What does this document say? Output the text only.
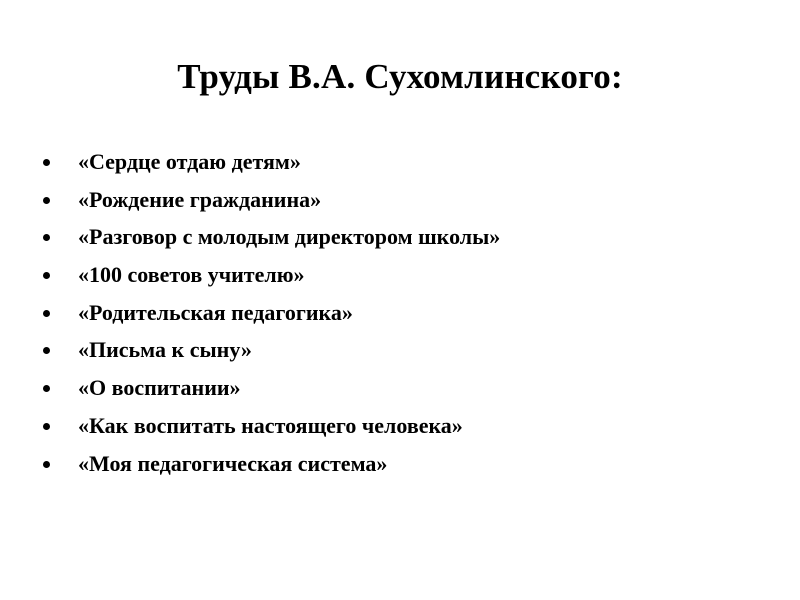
Труды В.А. Сухомлинского:
«Сердце отдаю детям»
«Рождение гражданина»
«Разговор с молодым директором школы»
«100 советов учителю»
«Родительская педагогика»
«Письма к сыну»
«О воспитании»
«Как воспитать настоящего человека»
«Моя педагогическая система»
